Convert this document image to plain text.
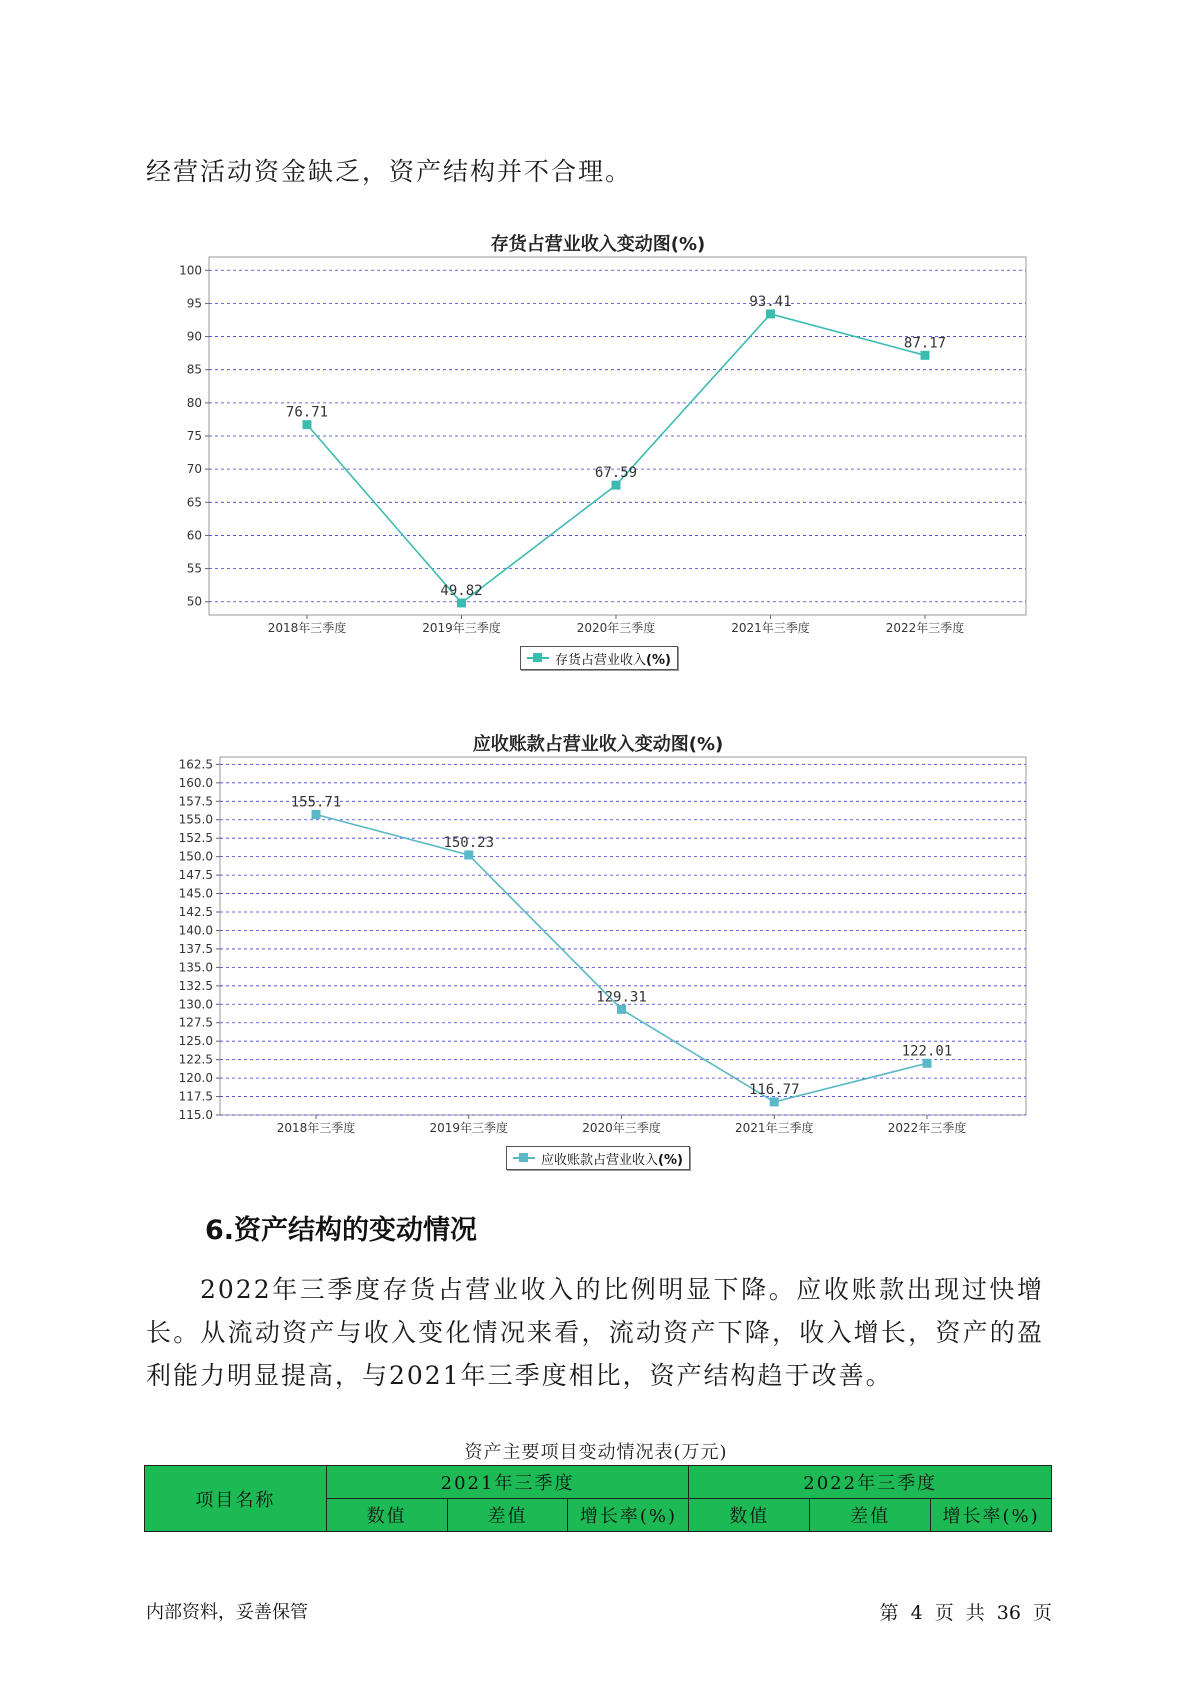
经营活动资金缺乏，资产结构并不合理。
存货占营业收入变动图(%)
50
55
60
65
70
75
80
85
90
95
100
2018年三季度	2019年三季度	2020年三季度	2021年三季度	2022年三季度
76.71
49.82
67.59
93.41
87.17
存货占营业收入(%)
应收账款占营业收入变动图(%)
115.0
117.5
120.0
122.5
125.0
127.5
130.0
132.5
135.0
137.5
140.0
142.5
145.0
147.5
150.0
152.5
155.0
157.5
160.0
162.5
2018年三季度	2019年三季度	2020年三季度	2021年三季度	2022年三季度
155.71
150.23
129.31
116.77
122.01
应收账款占营业收入(%)
6.资产结构的变动情况
2022年三季度存货占营业收入的比例明显下降。应收账款出现过快增长。从流动资产与收入变化情况来看，流动资产下降，收入增长，资产的盈利能力明显提高，与2021年三季度相比，资产结构趋于改善。
资产主要项目变动情况表(万元)
项目名称	2021年三季度			2022年三季度		
	数值	差值	增长率(%)	数值	差值	增长率(%)
内部资料，妥善保管	第 4 页 共 36 页
